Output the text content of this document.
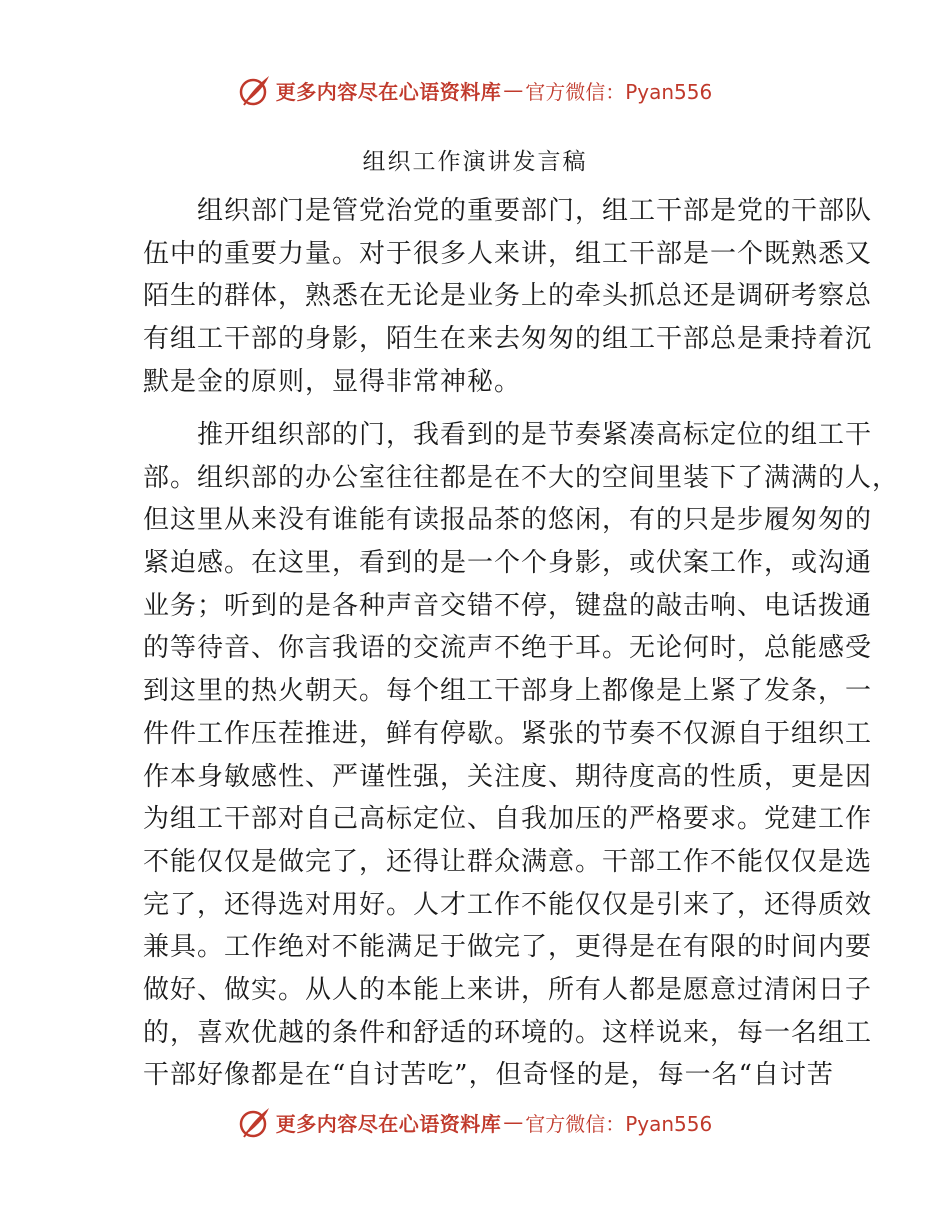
更多内容尽在心语资料库 — 官方微信：Pyan556
组织工作演讲发言稿
　　组织部门是管党治党的重要部门，组工干部是党的干部队
伍中的重要力量。对于很多人来讲，组工干部是一个既熟悉又
陌生的群体，熟悉在无论是业务上的牵头抓总还是调研考察总
有组工干部的身影，陌生在来去匆匆的组工干部总是秉持着沉
默是金的原则，显得非常神秘。
　　推开组织部的门，我看到的是节奏紧凑高标定位的组工干
部。组织部的办公室往往都是在不大的空间里装下了满满的人，
但这里从来没有谁能有读报品茶的悠闲，有的只是步履匆匆的
紧迫感。在这里，看到的是一个个身影，或伏案工作，或沟通
业务；听到的是各种声音交错不停，键盘的敲击响、电话拨通
的等待音、你言我语的交流声不绝于耳。无论何时，总能感受
到这里的热火朝天。每个组工干部身上都像是上紧了发条，一
件件工作压茬推进，鲜有停歇。紧张的节奏不仅源自于组织工
作本身敏感性、严谨性强，关注度、期待度高的性质，更是因
为组工干部对自己高标定位、自我加压的严格要求。党建工作
不能仅仅是做完了，还得让群众满意。干部工作不能仅仅是选
完了，还得选对用好。人才工作不能仅仅是引来了，还得质效
兼具。工作绝对不能满足于做完了，更得是在有限的时间内要
做好、做实。从人的本能上来讲，所有人都是愿意过清闲日子
的，喜欢优越的条件和舒适的环境的。这样说来，每一名组工
干部好像都是在“自讨苦吃”，但奇怪的是，每一名“自讨苦
更多内容尽在心语资料库 — 官方微信：Pyan556
